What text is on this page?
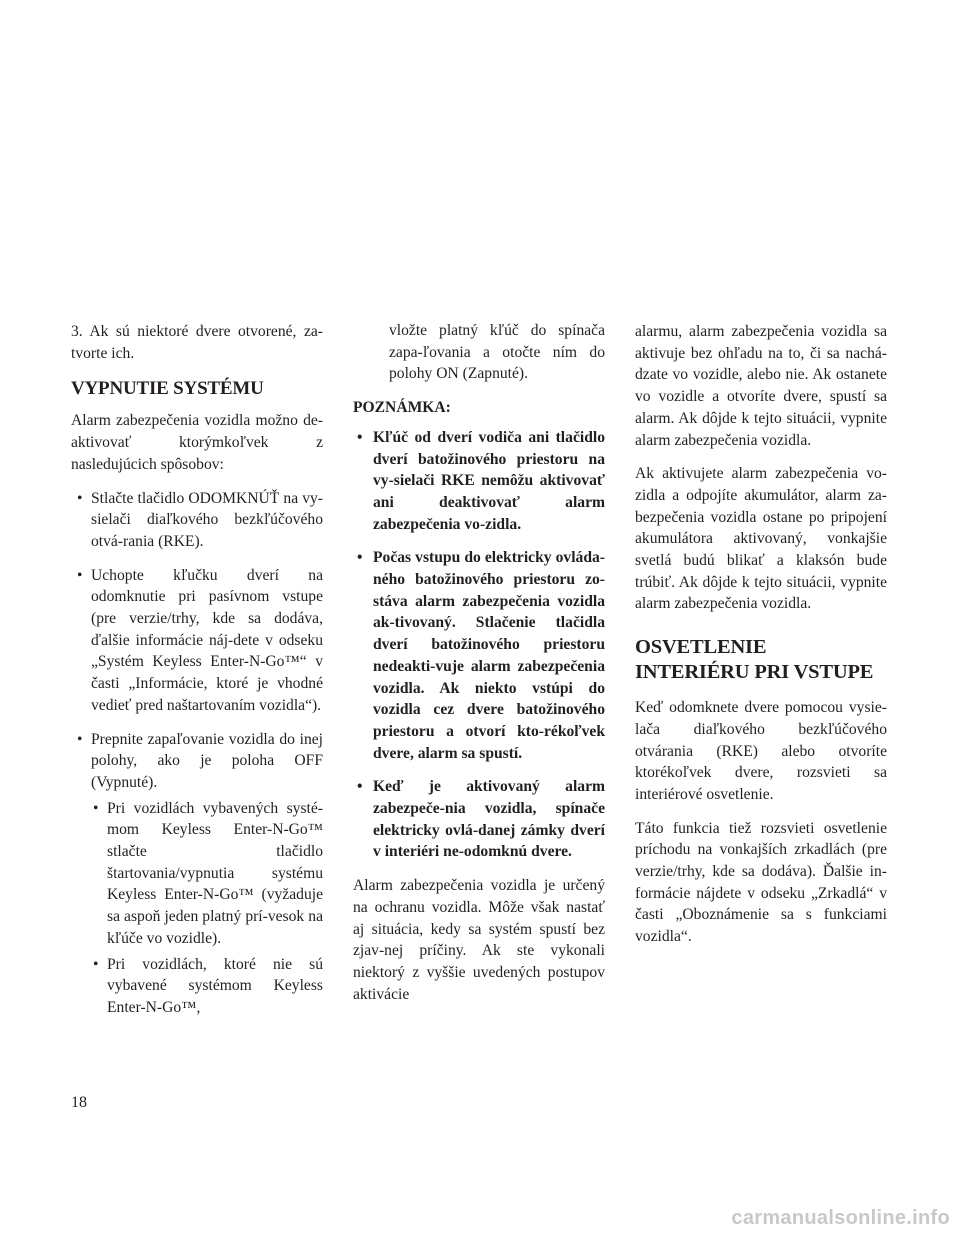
3. Ak sú niektoré dvere otvorené, za-tvorte ich.

VYPNUTIE SYSTÉMU

Alarm zabezpečenia vozidla možno de-aktivovať ktorýmkoľvek z nasledujúcich spôsobov:

• Stlačte tlačidlo ODOMKNÚŤ na vy-sielači diaľkového bezkľúčového otvá-rania (RKE).
• Uchopte kľučku dverí na odomknutie pri pasívnom vstupe (pre verzie/trhy, kde sa dodáva, ďalšie informácie náj-dete v odseku „Systém Keyless Enter-N-Go™“ v časti „Informácie, ktoré je vhodné vedieť pred naštartovaním vozidla“).
• Prepnite zapaľovanie vozidla do inej polohy, ako je poloha OFF (Vypnuté).
• Pri vozidlách vybavených systé-mom Keyless Enter-N-Go™ stlačte tlačidlo štartovania/vypnutia systému Keyless Enter-N-Go™ (vyžaduje sa aspoň jeden platný prí-vesok na kľúče vo vozidle).
• Pri vozidlách, ktoré nie sú vybavené systémom Keyless Enter-N-Go™,
vložte platný kľúč do spínača zapa-ľovania a otočte ním do polohy ON (Zapnuté).
POZNÁMKA:
• Kľúč od dverí vodiča ani tlačidlo dverí batožinového priestoru na vy-sielači RKE nemôžu aktivovať ani deaktivovať alarm zabezpečenia vo-zidla.
• Počas vstupu do elektricky ovláda-ného batožinového priestoru zo-stáva alarm zabezpečenia vozidla ak-tivovaný. Stlačenie tlačidla dverí batožinového priestoru nedeakti-vuje alarm zabezpečenia vozidla. Ak niekto vstúpi do vozidla cez dvere batožinového priestoru a otvorí kto-rékoľvek dvere, alarm sa spustí.
• Keď je aktivovaný alarm zabezpeče-nia vozidla, spínače elektricky ovlá-danej zámky dverí v interiéri ne-odomknú dvere.

Alarm zabezpečenia vozidla je určený na ochranu vozidla. Môže však nastať aj situácia, kedy sa systém spustí bez zjav-nej príčiny. Ak ste vykonali niektorý z vyššie uvedených postupov aktivácie

alarmu, alarm zabezpečenia vozidla sa aktivuje bez ohľadu na to, či sa nachá-dzate vo vozidle, alebo nie. Ak ostanete vo vozidle a otvoríte dvere, spustí sa alarm. Ak dôjde k tejto situácii, vypnite alarm zabezpečenia vozidla.

Ak aktivujete alarm zabezpečenia vo-zidla a odpojíte akumulátor, alarm za-bezpečenia vozidla ostane po pripojení akumulátora aktivovaný, vonkajšie svetlá budú blikať a klaksón bude trúbiť. Ak dôjde k tejto situácii, vypnite alarm zabezpečenia vozidla.

OSVETLENIE
INTERIÉRU PRI VSTUPE

Keď odomknete dvere pomocou vysie-lača diaľkového bezkľúčového otvárania (RKE) alebo otvoríte ktorékoľvek dvere, rozsvieti sa interiérové osvetlenie.

Táto funkcia tiež rozsvieti osvetlenie príchodu na vonkajších zrkadlách (pre verzie/trhy, kde sa dodáva). Ďalšie in-formácie nájdete v odseku „Zrkadlá“ v časti „Oboznámenie sa s funkciami vozidla“.

18
carmanualsonline.info
